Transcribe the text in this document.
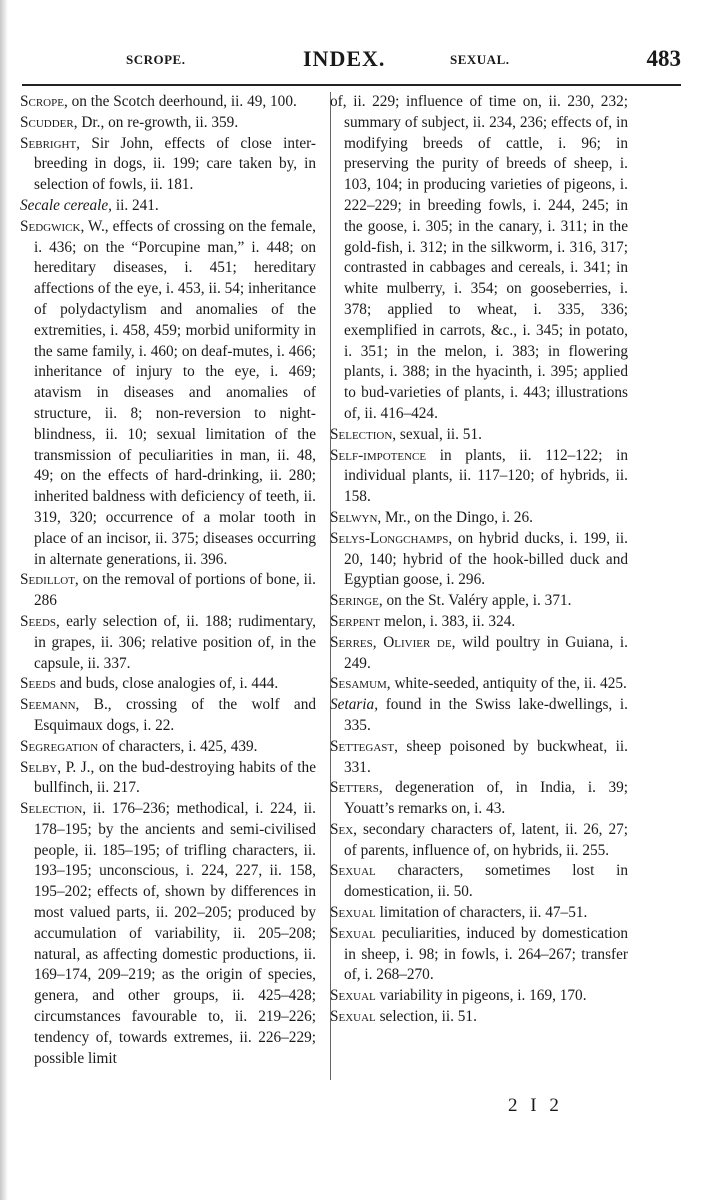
SCROPE.	INDEX.	SEXUAL.	483

Scrope, on the Scotch deerhound, ii. 49, 100.

Scudder, Dr., on re-growth, ii. 359.

Sebright, Sir John, effects of close inter-breeding in dogs, ii. 199; care taken by, in selection of fowls, ii. 181.

Secale cereale, ii. 241.

Sedgwick, W., effects of crossing on the female, i. 436; on the “Porcupine man,” i. 448; on hereditary diseases, i. 451; hereditary affections of the eye, i. 453, ii. 54; inheritance of polydactylism and anomalies of the extremities, i. 458, 459; morbid uniformity in the same family, i. 460; on deaf-mutes, i. 466; inheritance of injury to the eye, i. 469; atavism in diseases and anomalies of structure, ii. 8; non-reversion to night-blindness, ii. 10; sexual limitation of the transmission of peculiarities in man, ii. 48, 49; on the effects of hard-drinking, ii. 280; inherited baldness with deficiency of teeth, ii. 319, 320; occurrence of a molar tooth in place of an incisor, ii. 375; diseases occurring in alternate generations, ii. 396.

Sedillot, on the removal of portions of bone, ii. 286

Seeds, early selection of, ii. 188; rudimentary, in grapes, ii. 306; relative position of, in the capsule, ii. 337.

Seeds and buds, close analogies of, i. 444.

Seemann, B., crossing of the wolf and Esquimaux dogs, i. 22.

Segregation of characters, i. 425, 439.

Selby, P. J., on the bud-destroying habits of the bullfinch, ii. 217.

Selection, ii. 176–236; methodical, i. 224, ii. 178–195; by the ancients and semi-civilised people, ii. 185–195; of trifling characters, ii. 193–195; unconscious, i. 224, 227, ii. 158, 195–202; effects of, shown by differences in most valued parts, ii. 202–205; produced by accumulation of variability, ii. 205–208; natural, as affecting domestic productions, ii. 169–174, 209–219; as the origin of species, genera, and other groups, ii. 425–428; circumstances favourable to, ii. 219–226; tendency of, towards extremes, ii. 226–229; possible limit

of, ii. 229; influence of time on, ii. 230, 232; summary of subject, ii. 234, 236; effects of, in modifying breeds of cattle, i. 96; in preserving the purity of breeds of sheep, i. 103, 104; in producing varieties of pigeons, i. 222–229; in breeding fowls, i. 244, 245; in the goose, i. 305; in the canary, i. 311; in the gold-fish, i. 312; in the silkworm, i. 316, 317; contrasted in cabbages and cereals, i. 341; in white mulberry, i. 354; on gooseberries, i. 378; applied to wheat, i. 335, 336; exemplified in carrots, &c., i. 345; in potato, i. 351; in the melon, i. 383; in flowering plants, i. 388; in the hyacinth, i. 395; applied to bud-varieties of plants, i. 443; illustrations of, ii. 416–424.

Selection, sexual, ii. 51.

Self-impotence in plants, ii. 112–122; in individual plants, ii. 117–120; of hybrids, ii. 158.

Selwyn, Mr., on the Dingo, i. 26.

Selys-Longchamps, on hybrid ducks, i. 199, ii. 20, 140; hybrid of the hook-billed duck and Egyptian goose, i. 296.

Seringe, on the St. Valéry apple, i. 371.

Serpent melon, i. 383, ii. 324.

Serres, Olivier de, wild poultry in Guiana, i. 249.

Sesamum, white-seeded, antiquity of the, ii. 425.

Setaria, found in the Swiss lake-dwellings, i. 335.

Settegast, sheep poisoned by buckwheat, ii. 331.

Setters, degeneration of, in India, i. 39; Youatt’s remarks on, i. 43.

Sex, secondary characters of, latent, ii. 26, 27; of parents, influence of, on hybrids, ii. 255.

Sexual characters, sometimes lost in domestication, ii. 50.

Sexual limitation of characters, ii. 47–51.

Sexual peculiarities, induced by domestication in sheep, i. 98; in fowls, i. 264–267; transfer of, i. 268–270.

Sexual variability in pigeons, i. 169, 170.

Sexual selection, ii. 51.

2 I 2
